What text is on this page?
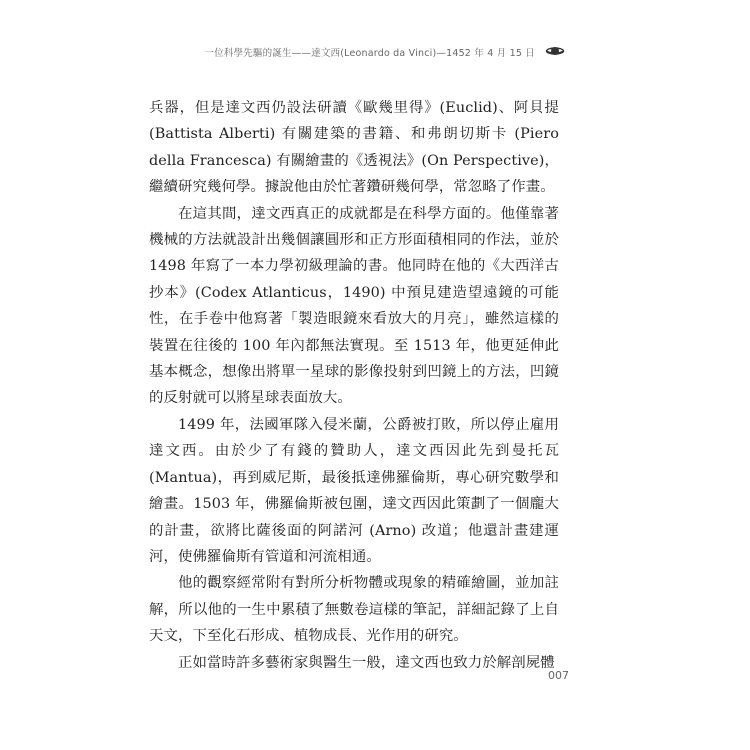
一位科學先驅的誕生——達文西(Leonardo da Vinci)—1452 年 4 月 15 日

兵器，但是達文西仍設法研讀《歐幾里得》(Euclid)、阿貝提(Battista Alberti) 有關建築的書籍、和弗朗切斯卡 (Piero della Francesca) 有關繪畫的《透視法》(On Perspective)，繼續研究幾何學。據說他由於忙著鑽研幾何學，常忽略了作畫。

在這其間，達文西真正的成就都是在科學方面的。他僅靠著機械的方法就設計出幾個讓圓形和正方形面積相同的作法，並於 1498 年寫了一本力學初級理論的書。他同時在他的《大西洋古抄本》(Codex Atlanticus，1490) 中預見建造望遠鏡的可能性，在手卷中他寫著「製造眼鏡來看放大的月亮」，雖然這樣的裝置在往後的 100 年內都無法實現。至 1513 年，他更延伸此基本概念，想像出將單一星球的影像投射到凹鏡上的方法，凹鏡的反射就可以將星球表面放大。

1499 年，法國軍隊入侵米蘭，公爵被打敗，所以停止雇用達文西。由於少了有錢的贊助人，達文西因此先到曼托瓦(Mantua)，再到威尼斯，最後抵達佛羅倫斯，專心研究數學和繪畫。1503 年，佛羅倫斯被包圍，達文西因此策劃了一個龐大的計畫，欲將比薩後面的阿諾河 (Arno) 改道；他還計畫建運河，使佛羅倫斯有管道和河流相通。

他的觀察經常附有對所分析物體或現象的精確繪圖，並加註解，所以他的一生中累積了無數卷這樣的筆記，詳細記錄了上自天文，下至化石形成、植物成長、光作用的研究。

正如當時許多藝術家與醫生一般，達文西也致力於解剖屍體

007
